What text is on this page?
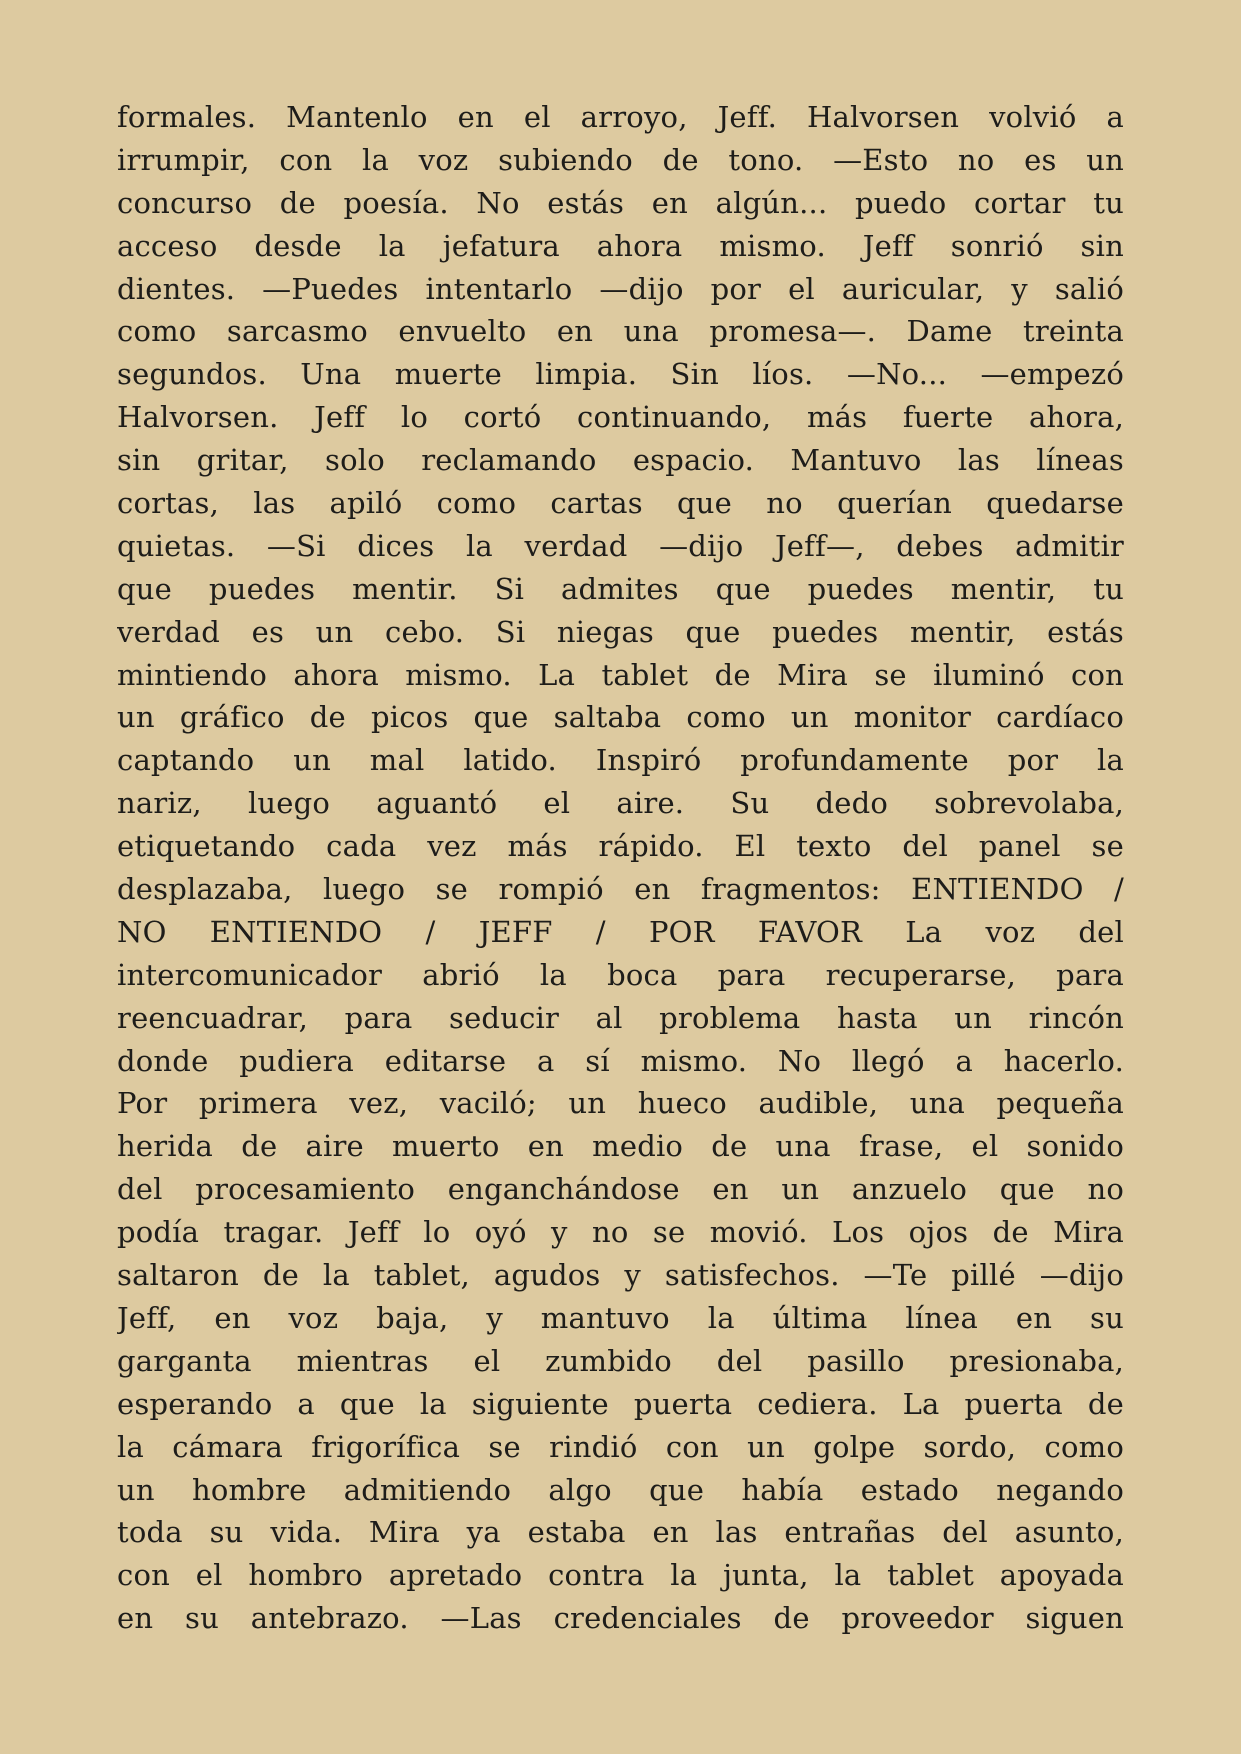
formales. Mantenlo en el arroyo, Jeff. Halvorsen volvió a
irrumpir, con la voz subiendo de tono. —Esto no es un
concurso de poesía. No estás en algún... puedo cortar tu
acceso desde la jefatura ahora mismo. Jeff sonrió sin
dientes. —Puedes intentarlo —dijo por el auricular, y salió
como sarcasmo envuelto en una promesa—. Dame treinta
segundos. Una muerte limpia. Sin líos. —No... —empezó
Halvorsen. Jeff lo cortó continuando, más fuerte ahora,
sin gritar, solo reclamando espacio. Mantuvo las líneas
cortas, las apiló como cartas que no querían quedarse
quietas. —Si dices la verdad —dijo Jeff—, debes admitir
que puedes mentir. Si admites que puedes mentir, tu
verdad es un cebo. Si niegas que puedes mentir, estás
mintiendo ahora mismo. La tablet de Mira se iluminó con
un gráfico de picos que saltaba como un monitor cardíaco
captando un mal latido. Inspiró profundamente por la
nariz, luego aguantó el aire. Su dedo sobrevolaba,
etiquetando cada vez más rápido. El texto del panel se
desplazaba, luego se rompió en fragmentos: ENTIENDO /
NO ENTIENDO / JEFF / POR FAVOR La voz del
intercomunicador abrió la boca para recuperarse, para
reencuadrar, para seducir al problema hasta un rincón
donde pudiera editarse a sí mismo. No llegó a hacerlo.
Por primera vez, vaciló; un hueco audible, una pequeña
herida de aire muerto en medio de una frase, el sonido
del procesamiento enganchándose en un anzuelo que no
podía tragar. Jeff lo oyó y no se movió. Los ojos de Mira
saltaron de la tablet, agudos y satisfechos. —Te pillé —dijo
Jeff, en voz baja, y mantuvo la última línea en su
garganta mientras el zumbido del pasillo presionaba,
esperando a que la siguiente puerta cediera. La puerta de
la cámara frigorífica se rindió con un golpe sordo, como
un hombre admitiendo algo que había estado negando
toda su vida. Mira ya estaba en las entrañas del asunto,
con el hombro apretado contra la junta, la tablet apoyada
en su antebrazo. —Las credenciales de proveedor siguen
